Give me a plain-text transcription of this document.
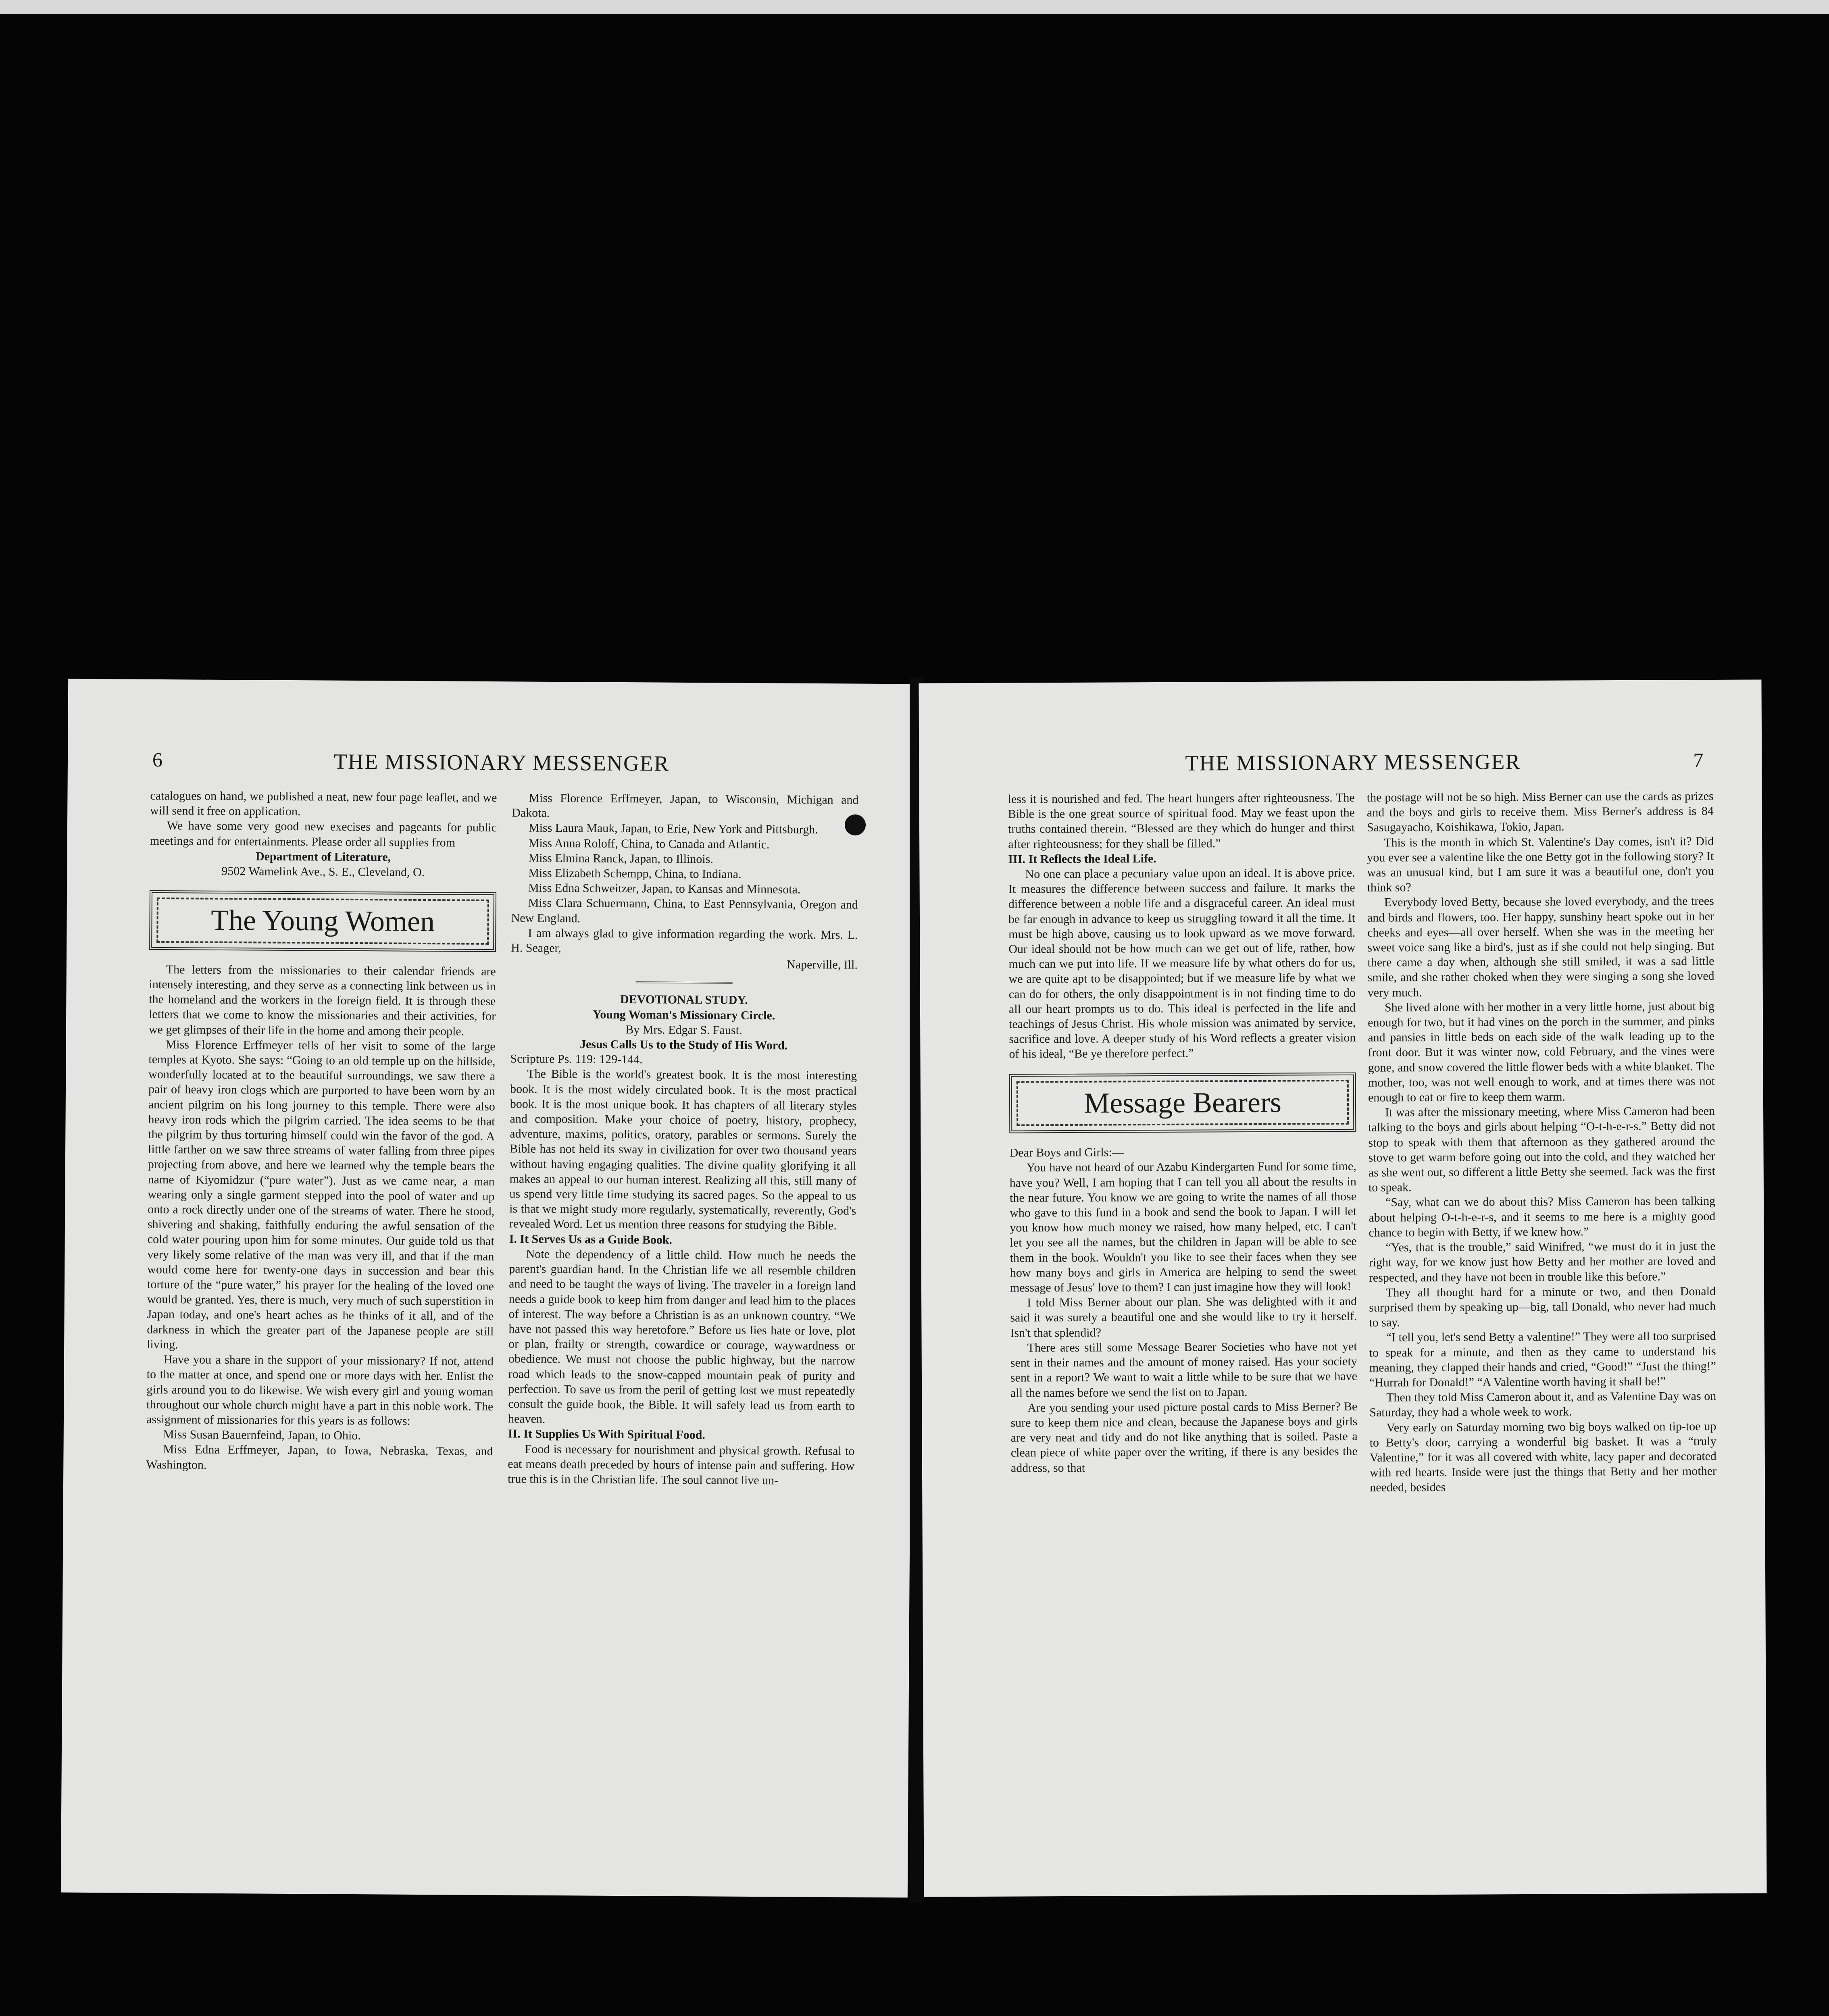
6	THE MISSIONARY MESSENGER

catalogues on hand, we published a neat, new four page leaflet, and we will send it free on application.

We have some very good new execises and pageants for public meetings and for entertainments. Please order all supplies from

Department of Literature,

9502 Wamelink Ave., S. E., Cleveland, O.

The Young Women

The letters from the missionaries to their calendar friends are intensely interesting, and they serve as a connecting link between us in the homeland and the workers in the foreign field. It is through these letters that we come to know the missionaries and their activities, for we get glimpses of their life in the home and among their people.

Miss Florence Erffmeyer tells of her visit to some of the large temples at Kyoto. She says: “Going to an old temple up on the hillside, wonderfully located at to the beautiful surroundings, we saw there a pair of heavy iron clogs which are purported to have been worn by an ancient pilgrim on his long journey to this temple. There were also heavy iron rods which the pilgrim carried. The idea seems to be that the pilgrim by thus torturing himself could win the favor of the god. A little farther on we saw three streams of water falling from three pipes projecting from above, and here we learned why the temple bears the name of Kiyomidzur (“pure water”). Just as we came near, a man wearing only a single garment stepped into the pool of water and up onto a rock directly under one of the streams of water. There he stood, shivering and shaking, faithfully enduring the awful sensation of the cold water pouring upon him for some minutes. Our guide told us that very likely some relative of the man was very ill, and that if the man would come here for twenty-one days in succession and bear this torture of the “pure water,” his prayer for the healing of the loved one would be granted. Yes, there is much, very much of such superstition in Japan today, and one's heart aches as he thinks of it all, and of the darkness in which the greater part of the Japanese people are still living.

Have you a share in the support of your missionary? If not, attend to the matter at once, and spend one or more days with her. Enlist the girls around you to do likewise. We wish every girl and young woman throughout our whole church might have a part in this noble work. The assignment of missionaries for this years is as follows:

Miss Susan Bauernfeind, Japan, to Ohio.

Miss Edna Erffmeyer, Japan, to Iowa, Nebraska, Texas, and Washington.

Miss Florence Erffmeyer, Japan, to Wisconsin, Michigan and Dakota.

Miss Laura Mauk, Japan, to Erie, New York and Pittsburgh.

Miss Anna Roloff, China, to Canada and Atlantic.

Miss Elmina Ranck, Japan, to Illinois.

Miss Elizabeth Schempp, China, to Indiana.

Miss Edna Schweitzer, Japan, to Kansas and Minnesota.

Miss Clara Schuermann, China, to East Pennsylvania, Oregon and New England.

I am always glad to give information regarding the work. Mrs. L. H. Seager,

Naperville, Ill.

DEVOTIONAL STUDY.

Young Woman's Missionary Circle.

By Mrs. Edgar S. Faust.

Jesus Calls Us to the Study of His Word.

Scripture Ps. 119: 129-144.

The Bible is the world's greatest book. It is the most interesting book. It is the most widely circulated book. It is the most practical book. It is the most unique book. It has chapters of all literary styles and composition. Make your choice of poetry, history, prophecy, adventure, maxims, politics, oratory, parables or sermons. Surely the Bible has not held its sway in civilization for over two thousand years without having engaging qualities. The divine quality glorifying it all makes an appeal to our human interest. Realizing all this, still many of us spend very little time studying its sacred pages. So the appeal to us is that we might study more regularly, systematically, reverently, God's revealed Word. Let us mention three reasons for studying the Bible.

I. It Serves Us as a Guide Book.

Note the dependency of a little child. How much he needs the parent's guardian hand. In the Christian life we all resemble children and need to be taught the ways of living. The traveler in a foreign land needs a guide book to keep him from danger and lead him to the places of interest. The way before a Christian is as an unknown country. “We have not passed this way heretofore.” Before us lies hate or love, plot or plan, frailty or strength, cowardice or courage, waywardness or obedience. We must not choose the public highway, but the narrow road which leads to the snow-capped mountain peak of purity and perfection. To save us from the peril of getting lost we must repeatedly consult the guide book, the Bible. It will safely lead us from earth to heaven.

II. It Supplies Us With Spiritual Food.

Food is necessary for nourishment and physical growth. Refusal to eat means death preceded by hours of intense pain and suffering. How true this is in the Christian life. The soul cannot live un-

THE MISSIONARY MESSENGER	7

less it is nourished and fed. The heart hungers after righteousness. The Bible is the one great source of spiritual food. May we feast upon the truths contained therein. “Blessed are they which do hunger and thirst after righteousness; for they shall be filled.”

III. It Reflects the Ideal Life.

No one can place a pecuniary value upon an ideal. It is above price. It measures the difference between success and failure. It marks the difference between a noble life and a disgraceful career. An ideal must be far enough in advance to keep us struggling toward it all the time. It must be high above, causing us to look upward as we move forward. Our ideal should not be how much can we get out of life, rather, how much can we put into life. If we measure life by what others do for us, we are quite apt to be disappointed; but if we measure life by what we can do for others, the only disappointment is in not finding time to do all our heart prompts us to do. This ideal is perfected in the life and teachings of Jesus Christ. His whole mission was animated by service, sacrifice and love. A deeper study of his Word reflects a greater vision of his ideal, “Be ye therefore perfect.”

Message Bearers

Dear Boys and Girls:—

You have not heard of our Azabu Kindergarten Fund for some time, have you? Well, I am hoping that I can tell you all about the results in the near future. You know we are going to write the names of all those who gave to this fund in a book and send the book to Japan. I will let you know how much money we raised, how many helped, etc. I can't let you see all the names, but the children in Japan will be able to see them in the book. Wouldn't you like to see their faces when they see how many boys and girls in America are helping to send the sweet message of Jesus' love to them? I can just imagine how they will look!

I told Miss Berner about our plan. She was delighted with it and said it was surely a beautiful one and she would like to try it herself. Isn't that splendid?

There ares still some Message Bearer Societies who have not yet sent in their names and the amount of money raised. Has your society sent in a report? We want to wait a little while to be sure that we have all the names before we send the list on to Japan.

Are you sending your used picture postal cards to Miss Berner? Be sure to keep them nice and clean, because the Japanese boys and girls are very neat and tidy and do not like anything that is soiled. Paste a clean piece of white paper over the writing, if there is any besides the address, so that

the postage will not be so high. Miss Berner can use the cards as prizes and the boys and girls to receive them. Miss Berner's address is 84 Sasugayacho, Koishikawa, Tokio, Japan.

This is the month in which St. Valentine's Day comes, isn't it? Did you ever see a valentine like the one Betty got in the following story? It was an unusual kind, but I am sure it was a beautiful one, don't you think so?

Everybody loved Betty, because she loved everybody, and the trees and birds and flowers, too. Her happy, sunshiny heart spoke out in her cheeks and eyes—all over herself. When she was in the meeting her sweet voice sang like a bird's, just as if she could not help singing. But there came a day when, although she still smiled, it was a sad little smile, and she rather choked when they were singing a song she loved very much.

She lived alone with her mother in a very little home, just about big enough for two, but it had vines on the porch in the summer, and pinks and pansies in little beds on each side of the walk leading up to the front door. But it was winter now, cold February, and the vines were gone, and snow covered the little flower beds with a white blanket. The mother, too, was not well enough to work, and at times there was not enough to eat or fire to keep them warm.

It was after the missionary meeting, where Miss Cameron had been talking to the boys and girls about helping “O-t-h-e-r-s.” Betty did not stop to speak with them that afternoon as they gathered around the stove to get warm before going out into the cold, and they watched her as she went out, so different a little Betty she seemed. Jack was the first to speak.

“Say, what can we do about this? Miss Cameron has been talking about helping O-t-h-e-r-s, and it seems to me here is a mighty good chance to begin with Betty, if we knew how.”

“Yes, that is the trouble,” said Winifred, “we must do it in just the right way, for we know just how Betty and her mother are loved and respected, and they have not been in trouble like this before.”

They all thought hard for a minute or two, and then Donald surprised them by speaking up—big, tall Donald, who never had much to say.

“I tell you, let's send Betty a valentine!” They were all too surprised to speak for a minute, and then as they came to understand his meaning, they clapped their hands and cried, “Good!” “Just the thing!” “Hurrah for Donald!” “A Valentine worth having it shall be!”

Then they told Miss Cameron about it, and as Valentine Day was on Saturday, they had a whole week to work.

Very early on Saturday morning two big boys walked on tip-toe up to Betty's door, carrying a wonderful big basket. It was a “truly Valentine,” for it was all covered with white, lacy paper and decorated with red hearts. Inside were just the things that Betty and her mother needed, besides
